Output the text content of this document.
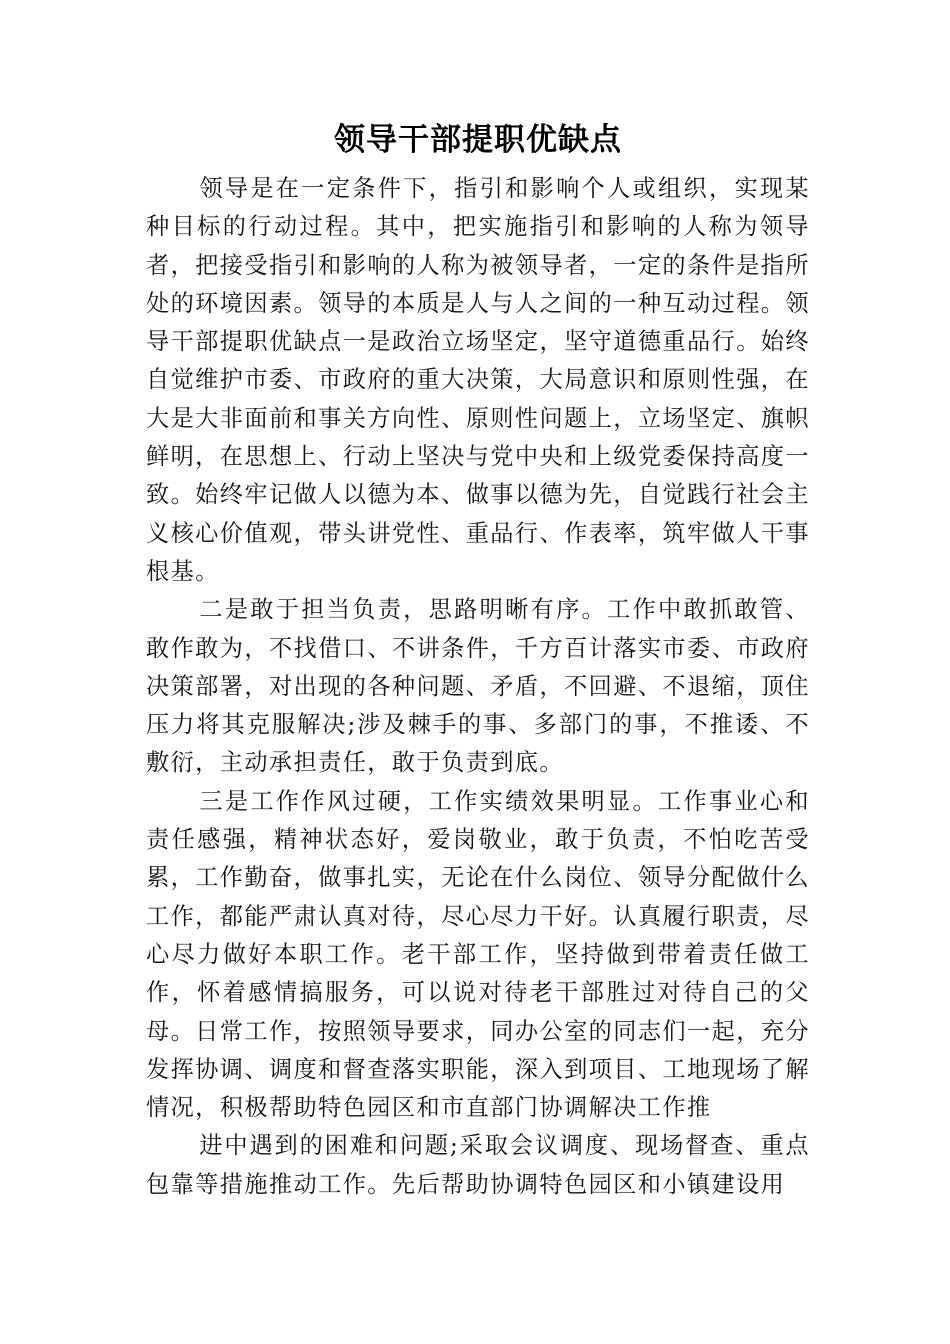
领导干部提职优缺点

领导是在一定条件下，指引和影响个人或组织，实现某种目标的行动过程。其中，把实施指引和影响的人称为领导者，把接受指引和影响的人称为被领导者，一定的条件是指所处的环境因素。领导的本质是人与人之间的一种互动过程。领导干部提职优缺点一是政治立场坚定，坚守道德重品行。始终自觉维护市委、市政府的重大决策，大局意识和原则性强，在大是大非面前和事关方向性、原则性问题上，立场坚定、旗帜鲜明，在思想上、行动上坚决与党中央和上级党委保持高度一致。始终牢记做人以德为本、做事以德为先，自觉践行社会主义核心价值观，带头讲党性、重品行、作表率，筑牢做人干事根基。

二是敢于担当负责，思路明晰有序。工作中敢抓敢管、敢作敢为，不找借口、不讲条件，千方百计落实市委、市政府决策部署，对出现的各种问题、矛盾，不回避、不退缩，顶住压力将其克服解决;涉及棘手的事、多部门的事，不推诿、不敷衍，主动承担责任，敢于负责到底。

三是工作作风过硬，工作实绩效果明显。工作事业心和责任感强，精神状态好，爱岗敬业，敢于负责，不怕吃苦受累，工作勤奋，做事扎实，无论在什么岗位、领导分配做什么工作，都能严肃认真对待，尽心尽力干好。认真履行职责，尽心尽力做好本职工作。老干部工作，坚持做到带着责任做工作，怀着感情搞服务，可以说对待老干部胜过对待自己的父母。日常工作，按照领导要求，同办公室的同志们一起，充分发挥协调、调度和督查落实职能，深入到项目、工地现场了解情况，积极帮助特色园区和市直部门协调解决工作推

进中遇到的困难和问题;采取会议调度、现场督查、重点包靠等措施推动工作。先后帮助协调特色园区和小镇建设用
